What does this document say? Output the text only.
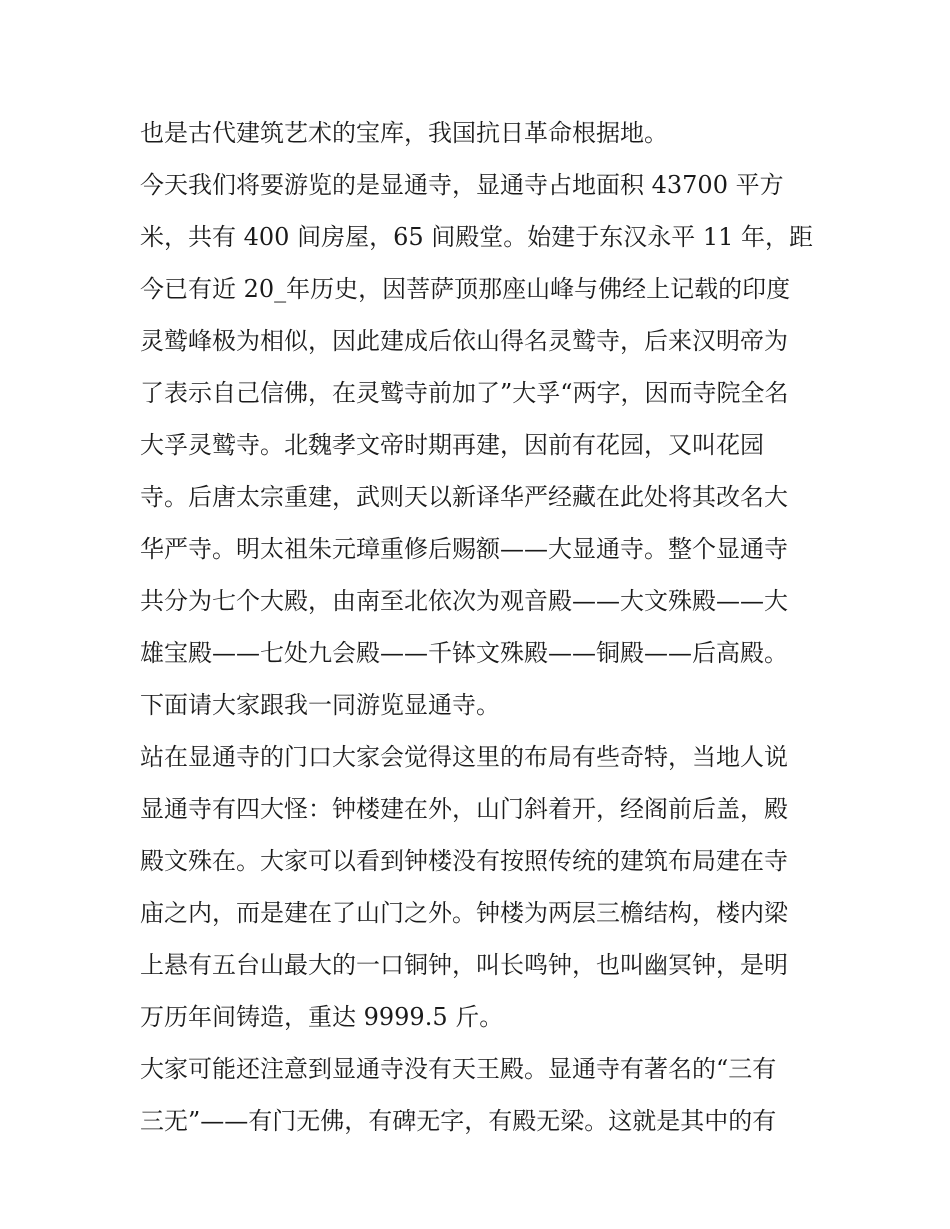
也是古代建筑艺术的宝库，我国抗日革命根据地。
今天我们将要游览的是显通寺，显通寺占地面积 43700 平方
米，共有 400 间房屋，65 间殿堂。始建于东汉永平 11 年，距
今已有近 20_年历史，因菩萨顶那座山峰与佛经上记载的印度
灵鹫峰极为相似，因此建成后依山得名灵鹫寺，后来汉明帝为
了表示自己信佛，在灵鹫寺前加了”大孚“两字，因而寺院全名
大孚灵鹫寺。北魏孝文帝时期再建，因前有花园，又叫花园
寺。后唐太宗重建，武则天以新译华严经藏在此处将其改名大
华严寺。明太祖朱元璋重修后赐额——大显通寺。整个显通寺
共分为七个大殿，由南至北依次为观音殿——大文殊殿——大
雄宝殿——七处九会殿——千钵文殊殿——铜殿——后高殿。
下面请大家跟我一同游览显通寺。
站在显通寺的门口大家会觉得这里的布局有些奇特，当地人说
显通寺有四大怪：钟楼建在外，山门斜着开，经阁前后盖，殿
殿文殊在。大家可以看到钟楼没有按照传统的建筑布局建在寺
庙之内，而是建在了山门之外。钟楼为两层三檐结构，楼内梁
上悬有五台山最大的一口铜钟，叫长鸣钟，也叫幽冥钟，是明
万历年间铸造，重达 9999.5 斤。
大家可能还注意到显通寺没有天王殿。显通寺有著名的“三有
三无”——有门无佛，有碑无字，有殿无梁。这就是其中的有
